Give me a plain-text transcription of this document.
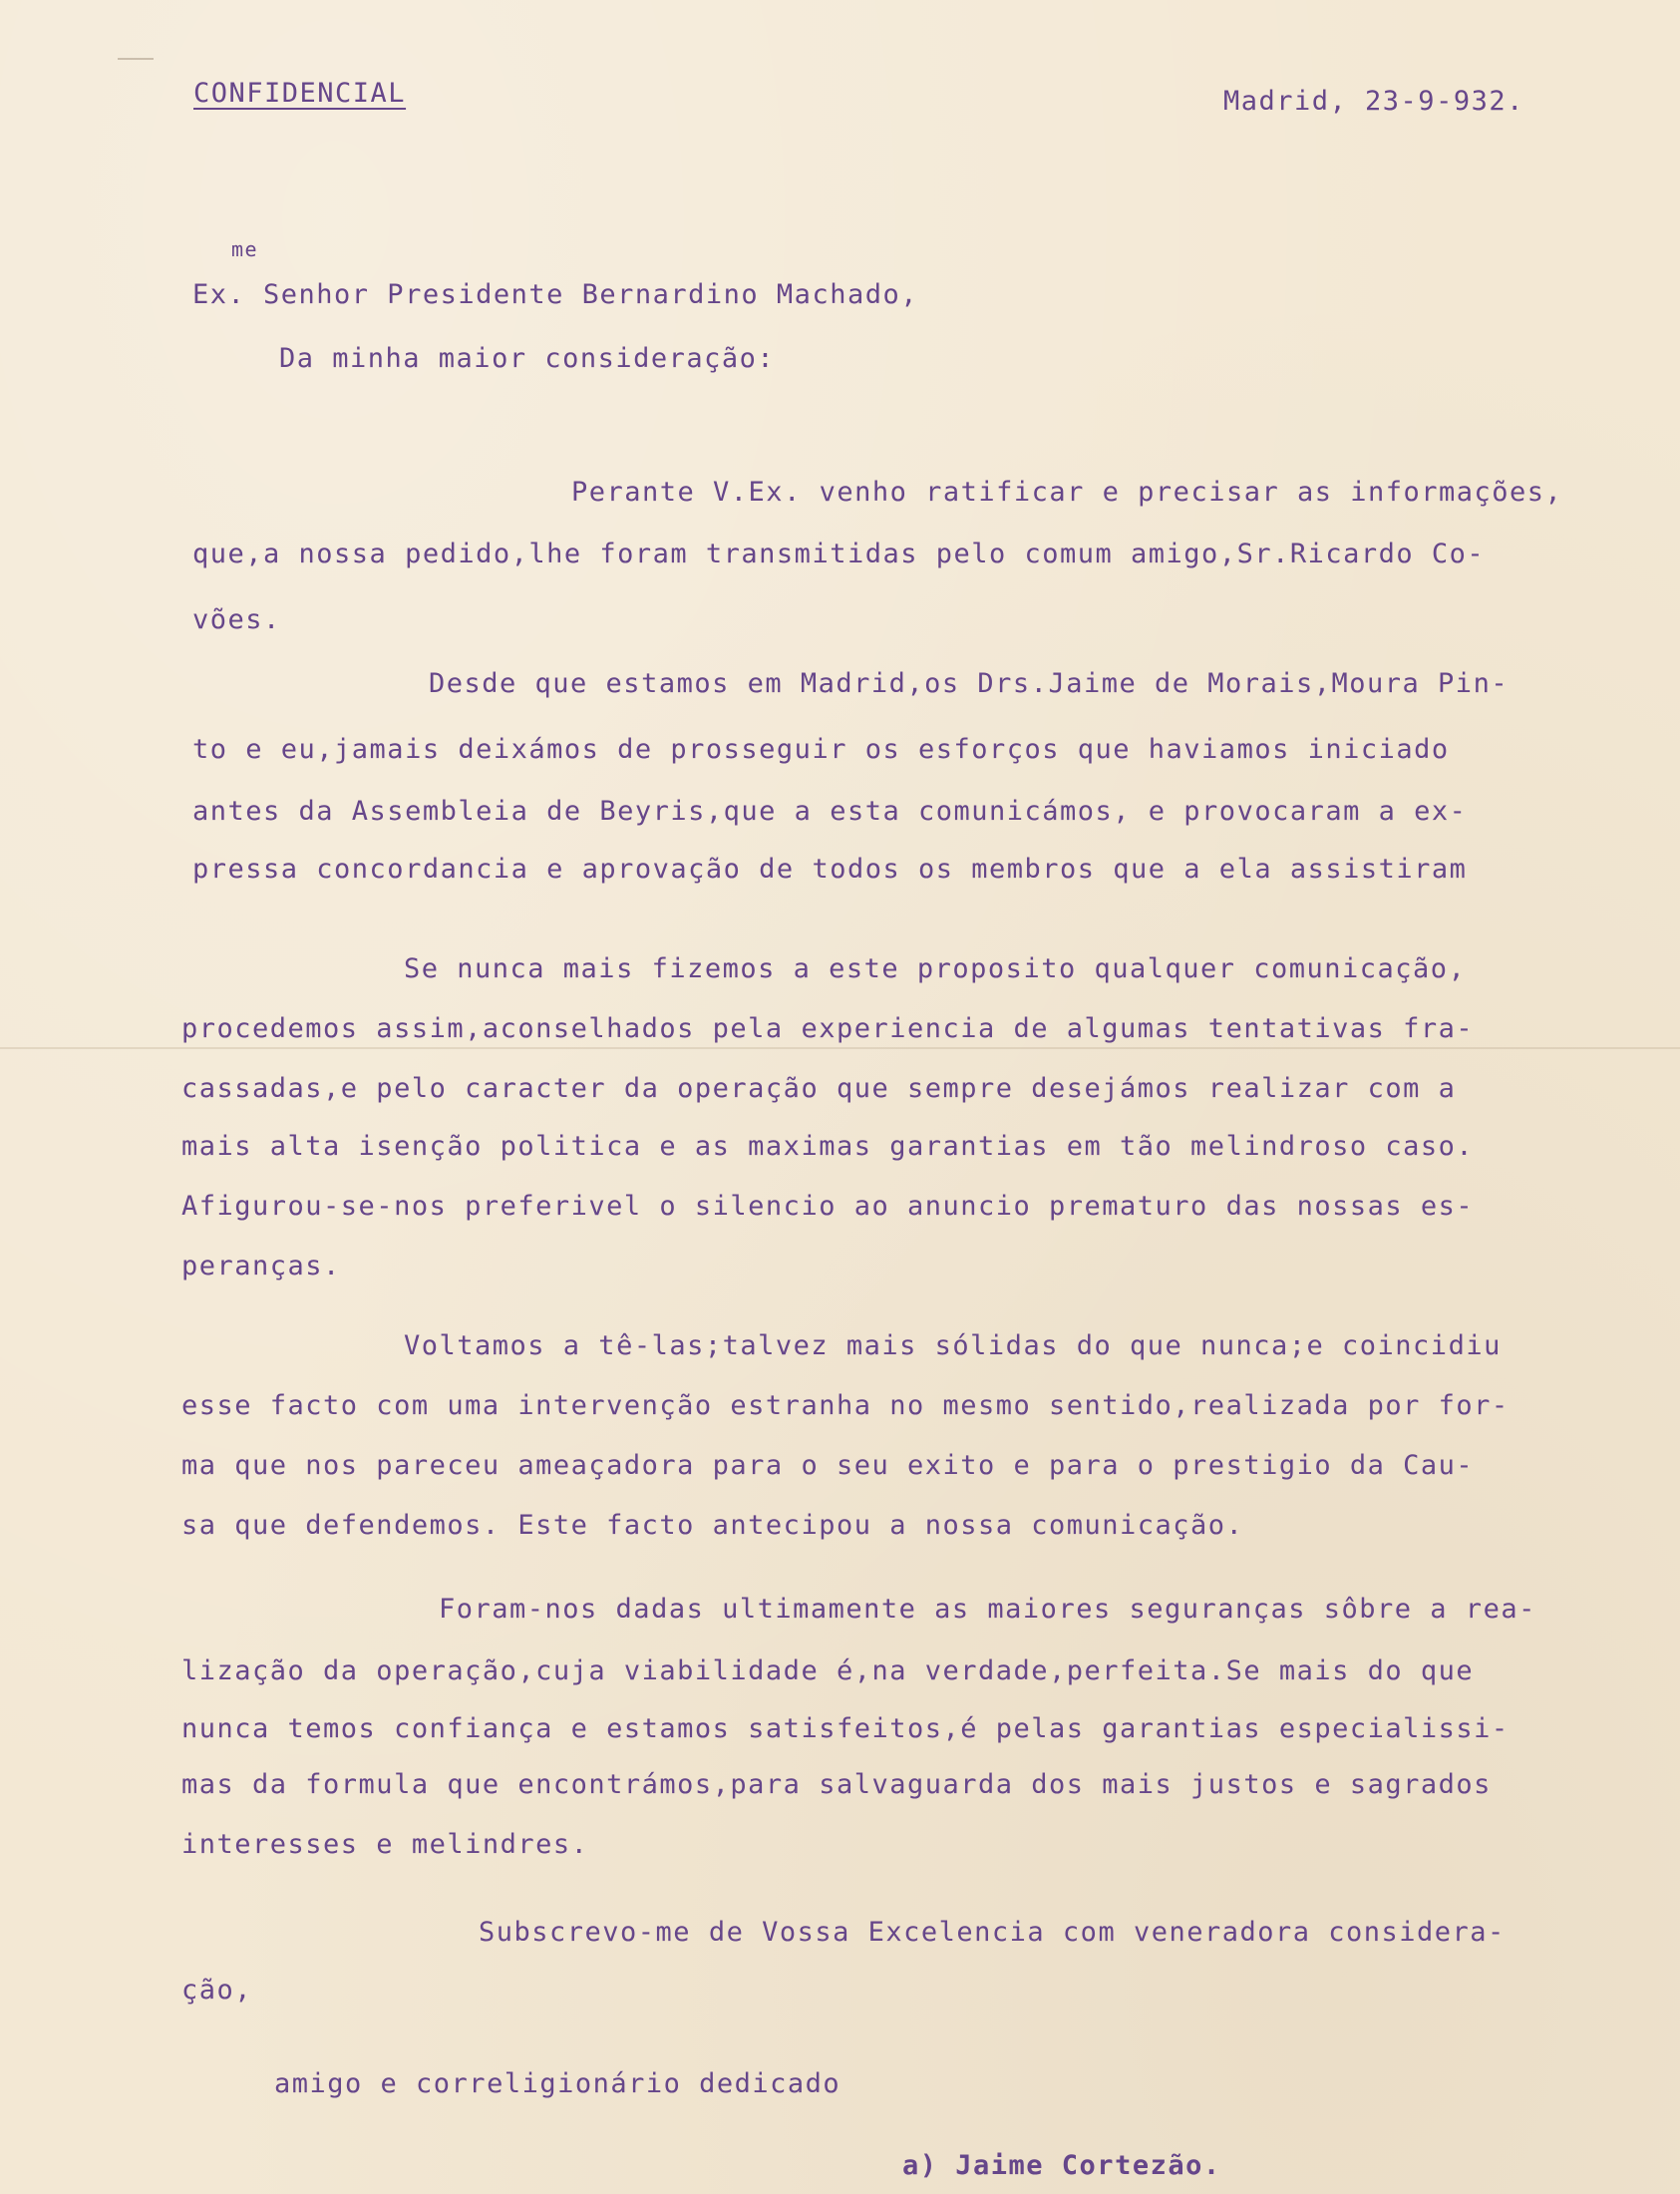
CONFIDENCIAL	Madrid, 23-9-932.
me
Ex. Senhor Presidente Bernardino Machado,
Da minha maior consideração:
Perante V.Ex. venho ratificar e precisar as informações,
que,a nossa pedido,lhe foram transmitidas pelo comum amigo,Sr.Ricardo Co-
vões.
Desde que estamos em Madrid,os Drs.Jaime de Morais,Moura Pin-
to e eu,jamais deixámos de prosseguir os esforços que haviamos iniciado
antes da Assembleia de Beyris,que a esta comunicámos, e provocaram a ex-
pressa concordancia e aprovação de todos os membros que a ela assistiram
Se nunca mais fizemos a este proposito qualquer comunicação,
procedemos assim,aconselhados pela experiencia de algumas tentativas fra-
cassadas,e pelo caracter da operação que sempre desejámos realizar com a
mais alta isenção politica e as maximas garantias em tão melindroso caso.
Afigurou-se-nos preferivel o silencio ao anuncio prematuro das nossas es-
peranças.
Voltamos a tê-las;talvez mais sólidas do que nunca;e coincidiu
esse facto com uma intervenção estranha no mesmo sentido,realizada por for-
ma que nos pareceu ameaçadora para o seu exito e para o prestigio da Cau-
sa que defendemos. Este facto antecipou a nossa comunicação.
Foram-nos dadas ultimamente as maiores seguranças sôbre a rea-
lização da operação,cuja viabilidade é,na verdade,perfeita.Se mais do que
nunca temos confiança e estamos satisfeitos,é pelas garantias especialissi-
mas da formula que encontrámos,para salvaguarda dos mais justos e sagrados
interesses e melindres.
Subscrevo-me de Vossa Excelencia com veneradora considera-
ção,
amigo e correligionário dedicado
a) Jaime Cortezão.
